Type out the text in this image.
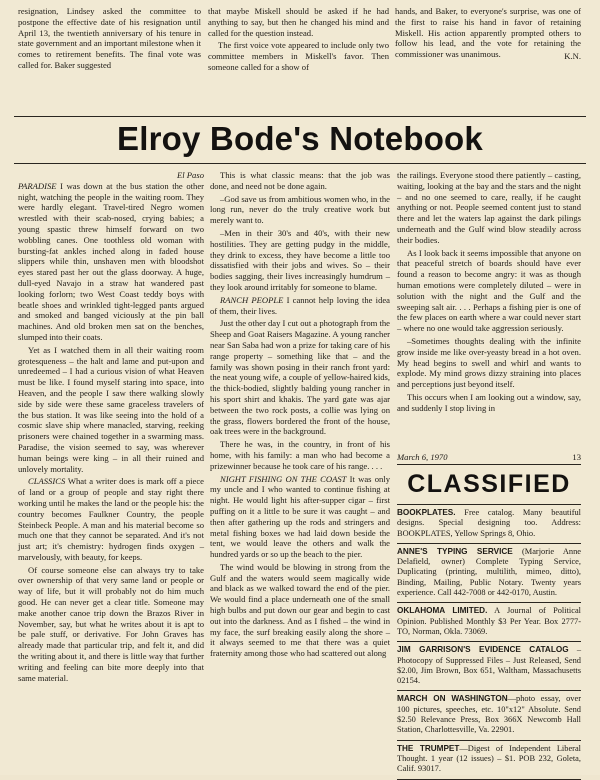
resignation, Lindsey asked the committee to postpone the effective date of his resignation until April 13, the twentieth anniversary of his tenure in state government and an important milestone when it comes to retirement benefits. The final vote was called for. Baker suggested

that maybe Miskell should be asked if he had anything to say, but then he changed his mind and called for the question instead.

The first voice vote appeared to include only two committee members in Miskell's favor. Then someone called for a show of

hands, and Baker, to everyone's surprise, was one of the first to raise his hand in favor of retaining Miskell. His action apparently prompted others to follow his lead, and the vote for retaining the commissioner was unanimous.	K.N.
Elroy Bode's Notebook
El Paso

PARADISE I was down at the bus station the other night, watching the people in the waiting room. They were hardly elegant. Travel-tired Negro women wrestled with their scab-nosed, crying babies; a young spastic threw himself forward on two wobbling canes. One toothless old woman with bursting-fat ankles inched along in faded house slippers while thin, unshaven men with bloodshot eyes stared past her out the glass doorway. A huge, dull-eyed Navajo in a straw hat wandered past looking forlorn; two West Coast teddy boys with beatle shoes and wrinkled tight-legged pants argued and smoked and banged viciously at the pin ball machines. And old broken men sat on the benches, slumped into their coats.

Yet as I watched them in all their waiting room grotesqueness – the halt and lame and put-upon and unredeemed – I had a curious vision of what Heaven must be like. I found myself staring into space, into Heaven, and the people I saw there walking slowly side by side were these same graceless travelers of the bus station. It was like seeing into the hold of a cosmic slave ship where manacled, starving, reeking prisoners were chained together in a swarming mass. Paradise, the vision seemed to say, was wherever human beings were king – in all their ruined and unlovely mortality.

CLASSICS What a writer does is mark off a piece of land or a group of people and stay right there working until he makes the land or the people his: the country becomes Faulkner Country, the people Steinbeck People. A man and his material become so much one that they cannot be separated. And it's not just art; it's chemistry: hydrogen finds oxygen – marvelously, with beauty, for keeps.

Of course someone else can always try to take over ownership of that very same land or people or way of life, but it will probably not do him much good. He can never get a clear title. Someone may make another canoe trip down the Brazos River in November, say, but what he writes about it is apt to be pale stuff, or derivative. For John Graves has already made that particular trip, and felt it, and did the writing about it, and there is little way that further writing and feeling can bite more deeply into that same material.

This is what classic means: that the job was done, and need not be done again.

–God save us from ambitious women who, in the long run, never do the truly creative work but merely want to.

–Men in their 30's and 40's, with their new hostilities. They are getting pudgy in the middle, they drink to excess, they have become a little too dissatisfied with their jobs and wives. So – their bodies sagging, their lives increasingly humdrum – they look around irritably for someone to blame.

RANCH PEOPLE I cannot help loving the idea of them, their lives.

Just the other day I cut out a photograph from the Sheep and Goat Raisers Magazine. A young rancher near San Saba had won a prize for taking care of his range property – something like that – and the family was shown posing in their ranch front yard: the neat young wife, a couple of yellow-haired kids, the thick-bodied, slightly balding young rancher in his sport shirt and khakis. The yard gate was ajar between the two rock posts, a collie was lying on the grass, flowers bordered the front of the house, oak trees were in the background.

There he was, in the country, in front of his home, with his family: a man who had become a prizewinner because he took care of his range. . . .

NIGHT FISHING ON THE COAST It was only my uncle and I who wanted to continue fishing at night. He would light his after-supper cigar – first puffing on it a little to be sure it was caught – and then after gathering up the rods and stringers and metal fishing boxes we had laid down beside the tent, we would leave the others and walk the hundred yards or so up the beach to the pier.

The wind would be blowing in strong from the Gulf and the waters would seem magically wide and black as we walked toward the end of the pier. We would find a place underneath one of the small high bulbs and put down our gear and begin to cast out into the darkness. And as I fished – the wind in my face, the surf breaking easily along the shore – it always seemed to me that there was a quiet fraternity among those who had scattered out along

the railings. Everyone stood there patiently – casting, waiting, looking at the bay and the stars and the night – and no one seemed to care, really, if he caught anything or not. People seemed content just to stand there and let the waters lap against the dark pilings underneath and the Gulf wind blow steadily across their bodies.

As I look back it seems impossible that anyone on that peaceful stretch of boards should have ever found a reason to become angry: it was as though human emotions were completely diluted – were in solution with the night and the Gulf and the sweeping salt air. . . . Perhaps a fishing pier is one of the few places on earth where a war could never start – where no one would take aggression seriously.

–Sometimes thoughts dealing with the infinite grow inside me like over-yeasty bread in a hot oven. My head begins to swell and whirl and wants to explode. My mind grows dizzy straining into places and perceptions just beyond itself.

This occurs when I am looking out a window, say, and suddenly I stop living in

March 6, 1970	13
CLASSIFIED
BOOKPLATES. Free catalog. Many beautiful designs. Special designing too. Address: BOOKPLATES, Yellow Springs 8, Ohio.
ANNE'S TYPING SERVICE (Marjorie Anne Delafield, owner) Complete Typing Service, Duplicating (printing, multilith, mimeo, ditto), Binding, Mailing, Public Notary. Twenty years experience. Call 442-7008 or 442-0170, Austin.
OKLAHOMA LIMITED. A Journal of Political Opinion. Published Monthly $3 Per Year. Box 2777-TO, Norman, Okla. 73069.
JIM GARRISON'S EVIDENCE CATALOG – Photocopy of Suppressed Files – Just Released, Send $2.00, Jim Brown, Box 651, Waltham, Massachusetts 02154.
MARCH ON WASHINGTON—photo essay, over 100 pictures, speeches, etc. 10"x12" Absolute. Send $2.50 Relevance Press, Box 366X Newcomb Hall Station, Charlottesville, Va. 22901.
THE TRUMPET—Digest of Independent Liberal Thought. 1 year (12 issues) – $1. POB 232, Goleta, Calif. 93017.
